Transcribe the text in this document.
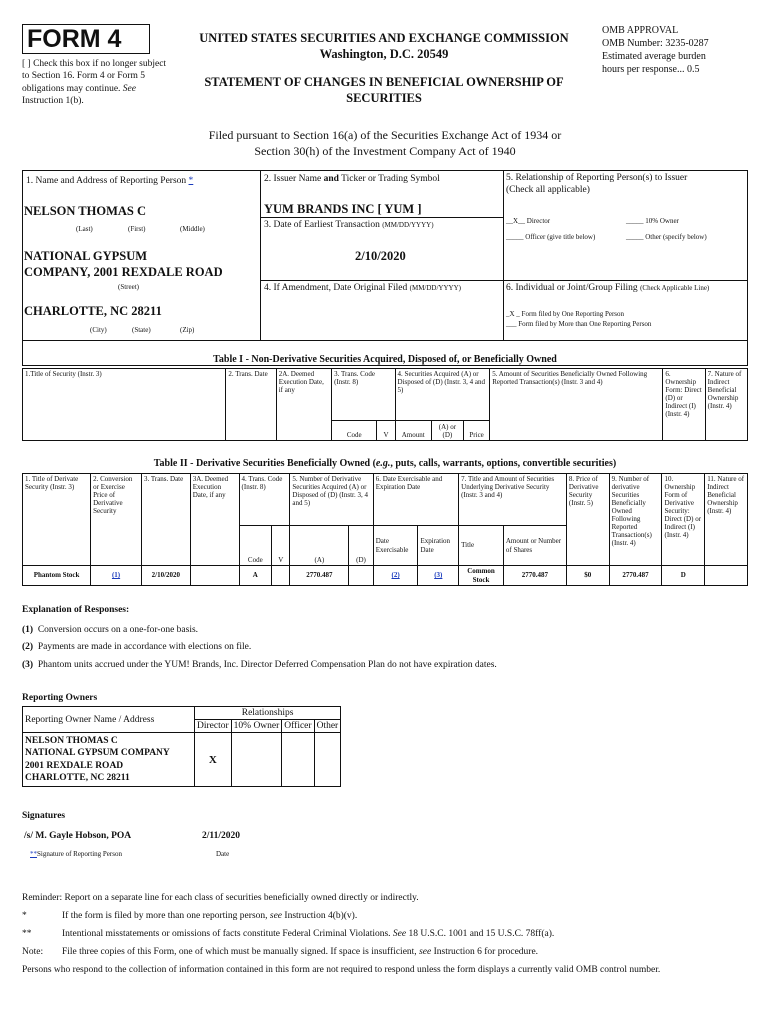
FORM 4
[ ] Check this box if no longer subject to Section 16. Form 4 or Form 5 obligations may continue. See Instruction 1(b).
UNITED STATES SECURITIES AND EXCHANGE COMMISSION
Washington, D.C. 20549
STATEMENT OF CHANGES IN BENEFICIAL OWNERSHIP OF
SECURITIES
OMB APPROVAL
OMB Number: 3235-0287
Estimated average burden
hours per response... 0.5
Filed pursuant to Section 16(a) of the Securities Exchange Act of 1934 or
Section 30(h) of the Investment Company Act of 1940
1. Name and Address of Reporting Person *
NELSON THOMAS C
(Last)	(First)	(Middle)
NATIONAL GYPSUM
COMPANY, 2001 REXDALE ROAD
(Street)
CHARLOTTE, NC 28211
(City)	(State)	(Zip)
2. Issuer Name and Ticker or Trading Symbol
YUM BRANDS INC [ YUM ]
3. Date of Earliest Transaction (MM/DD/YYYY)
2/10/2020
4. If Amendment, Date Original Filed (MM/DD/YYYY)
5. Relationship of Reporting Person(s) to Issuer
(Check all applicable)
__X__ Director	_____ 10% Owner
_____ Officer (give title below)	_____ Other (specify below)
6. Individual or Joint/Group Filing (Check Applicable Line)
_X _ Form filed by One Reporting Person
___ Form filed by More than One Reporting Person
Table I - Non-Derivative Securities Acquired, Disposed of, or Beneficially Owned
1.Title of Security (Instr. 3)	2. Trans. Date	2A. Deemed Execution Date, if any	3. Trans. Code (Instr. 8)		4. Securities Acquired (A) or Disposed of (D) (Instr. 3, 4 and 5)			5. Amount of Securities Beneficially Owned Following Reported Transaction(s) (Instr. 3 and 4)	6. Ownership Form: Direct (D) or Indirect (I) (Instr. 4)	7. Nature of Indirect Beneficial Ownership (Instr. 4)
			Code	V	Amount	(A) or (D)	Price			
Table II - Derivative Securities Beneficially Owned (e.g., puts, calls, warrants, options, convertible securities)
1. Title of Derivate Security (Instr. 3)	2. Conversion or Exercise Price of Derivative Security	3. Trans. Date	3A. Deemed Execution Date, if any	4. Trans. Code (Instr. 8)		5. Number of Derivative Securities Acquired (A) or Disposed of (D) (Instr. 3, 4 and 5)		6. Date Exercisable and Expiration Date		7. Title and Amount of Securities Underlying Derivative Security (Instr. 3 and 4)		8. Price of Derivative Security (Instr. 5)	9. Number of derivative Securities Beneficially Owned Following Reported Transaction(s) (Instr. 4)	10. Ownership Form of Derivative Security: Direct (D) or Indirect (I) (Instr. 4)	11. Nature of Indirect Beneficial Ownership (Instr. 4)
				Code	V	(A)	(D)	Date Exercisable	Expiration Date	Title	Amount or Number of Shares				
Phantom Stock	(1)	2/10/2020		A		2770.487		(2)	(3)	Common Stock	2770.487	$0	2770.487	D	
Explanation of Responses:
(1) Conversion occurs on a one-for-one basis.
(2) Payments are made in accordance with elections on file.
(3) Phantom units accrued under the YUM! Brands, Inc. Director Deferred Compensation Plan do not have expiration dates.
Reporting Owners
Reporting Owner Name / Address	Relationships			
	Director	10% Owner	Officer	Other

NELSON THOMAS C
NATIONAL GYPSUM COMPANY
2001 REXDALE ROAD
CHARLOTTE, NC 28211	X			
Signatures
/s/ M. Gayle Hobson, POA	2/11/2020
**Signature of Reporting Person	Date
Reminder: Report on a separate line for each class of securities beneficially owned directly or indirectly.
*	If the form is filed by more than one reporting person, see Instruction 4(b)(v).
**	Intentional misstatements or omissions of facts constitute Federal Criminal Violations. See 18 U.S.C. 1001 and 15 U.S.C. 78ff(a).
Note: File three copies of this Form, one of which must be manually signed. If space is insufficient, see Instruction 6 for procedure.
Persons who respond to the collection of information contained in this form are not required to respond unless the form displays a currently valid OMB control number.
